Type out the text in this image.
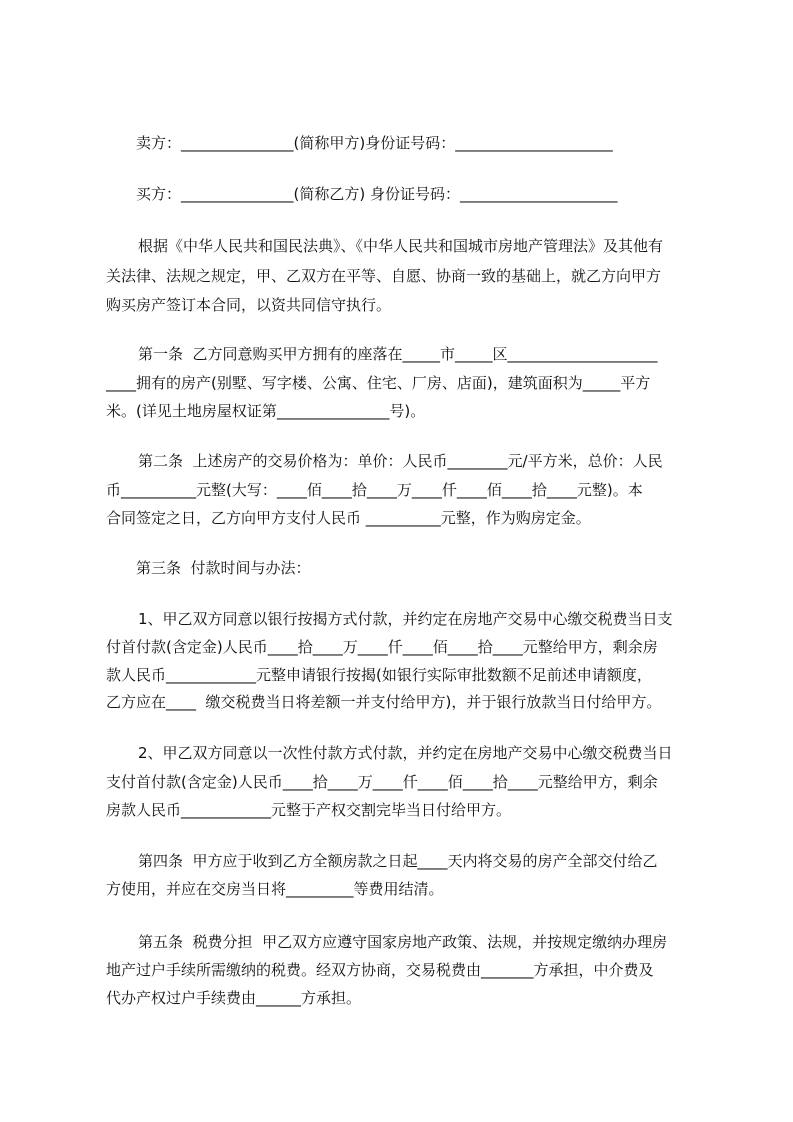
卖方：_______________(简称甲方)身份证号码：_____________________
买方：_______________(简称乙方) 身份证号码：_____________________
根据《中华人民共和国民法典》、《中华人民共和国城市房地产管理法》及其他有
关法律、法规之规定，甲、乙双方在平等、自愿、协商一致的基础上，就乙方向甲方
购买房产签订本合同，以资共同信守执行。
第一条  乙方同意购买甲方拥有的座落在_____市_____区____________________
____拥有的房产(别墅、写字楼、公寓、住宅、厂房、店面)，建筑面积为_____平方
米。(详见土地房屋权证第_______________号)。
第二条  上述房产的交易价格为：单价：人民币________元/平方米，总价：人民
币__________元整(大写：____佰____拾____万____仟____佰____拾____元整)。本
合同签定之日，乙方向甲方支付人民币 __________元整，作为购房定金。
第三条  付款时间与办法：
1、甲乙双方同意以银行按揭方式付款，并约定在房地产交易中心缴交税费当日支
付首付款(含定金)人民币____拾____万____仟____佰____拾____元整给甲方，剩余房
款人民币____________元整申请银行按揭(如银行实际审批数额不足前述申请额度，
乙方应在____  缴交税费当日将差额一并支付给甲方)，并于银行放款当日付给甲方。
2、甲乙双方同意以一次性付款方式付款，并约定在房地产交易中心缴交税费当日
支付首付款(含定金)人民币____拾____万____仟____佰____拾____元整给甲方，剩余
房款人民币____________元整于产权交割完毕当日付给甲方。
第四条  甲方应于收到乙方全额房款之日起____天内将交易的房产全部交付给乙
方使用，并应在交房当日将_________等费用结清。
第五条  税费分担  甲乙双方应遵守国家房地产政策、法规，并按规定缴纳办理房
地产过户手续所需缴纳的税费。经双方协商，交易税费由_______方承担，中介费及
代办产权过户手续费由______方承担。
